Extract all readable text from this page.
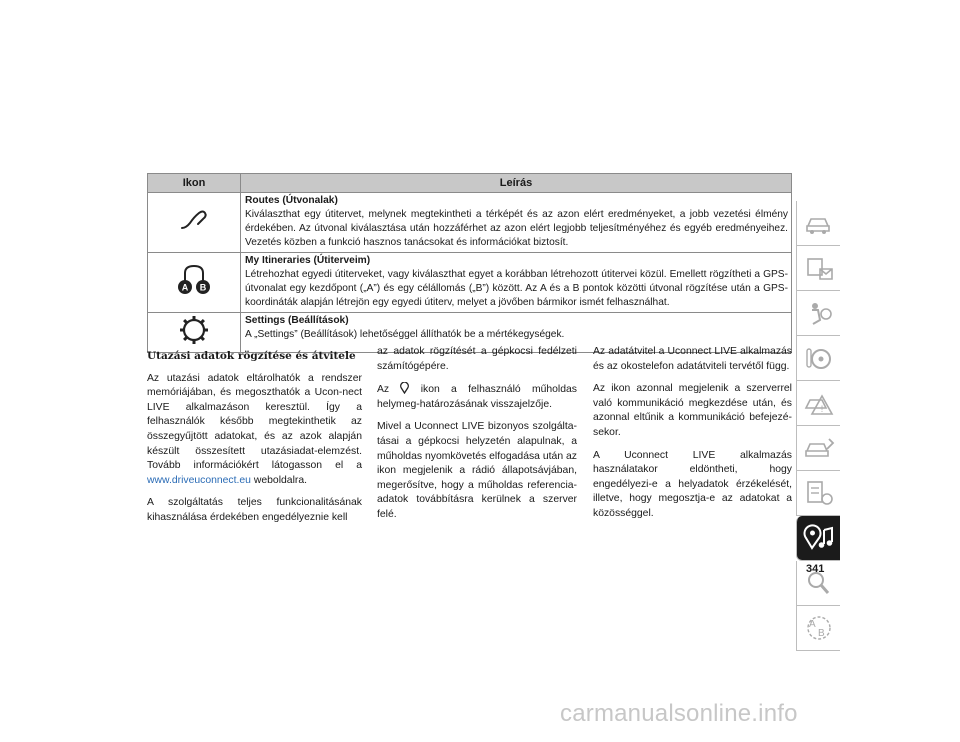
Ikon	Leírás

Routes (Útvonalak)
Kiválaszthat egy útitervet, melynek megtekintheti a térképét és az azon elért eredményeket, a jobb vezetési élmény érdekében. Az útvonal kiválasztása után hozzáférhet az azon elért legjobb teljesítményéhez és egyéb eredményeihez. Vezetés közben a funkció hasznos tanácsokat és információkat biztosít.

A B	My Itineraries (Útiterveim)
Létrehozhat egyedi útiterveket, vagy kiválaszthat egyet a korábban létrehozott útitervei közül. Emellett rögzítheti a GPS-útvonalat egy kezdőpont („A”) és egy célállomás („B”) között. Az A és a B pontok közötti útvonal rögzítése után a GPS-koordináták alapján létrejön egy egyedi útiterv, melyet a jövőben bármikor ismét felhasználhat.

Settings (Beállítások)
A „Settings” (Beállítások) lehetőséggel állíthatók be a mértékegységek.
Utazási adatok rögzítése és átvitele

Az utazási adatok eltárolhatók a rendszer memóriájában, és megoszthatók a Ucon-nect LIVE alkalmazáson keresztül. Így a felhasználók később megtekinthetik az összegyűjtött adatokat, és az azok alapján készült összesített utazásiadat-elemzést. Tovább információkért látogasson el a www.driveuconnect.eu weboldalra.

A szolgáltatás teljes funkcionalitásának kihasználása érdekében engedélyeznie kell

az adatok rögzítését a gépkocsi fedélzeti számítógépére.

Az	ikon a felhasználó műholdas helymeg-határozásának visszajelzője.

Mivel a Uconnect LIVE bizonyos szolgálta-tásai a gépkocsi helyzetén alapulnak, a műholdas nyomkövetés elfogadása után az ikon megjelenik a rádió állapotsávjában, megerősítve, hogy a műholdas referencia-adatok továbbításra kerülnek a szerver felé.

Az adatátvitel a Uconnect LIVE alkalmazás és az okostelefon adatátviteli tervétől függ.

Az ikon azonnal megjelenik a szerverrel való kommunikáció megkezdése után, és azonnal eltűnik a kommunikáció befejezé-sekor.

A Uconnect LIVE alkalmazás használatakor eldöntheti, hogy engedélyezi-e a helyadatok érzékelését, illetve, hogy megosztja-e az adatokat a közösséggel.

!
A
B
341
carmanualsonline.info
